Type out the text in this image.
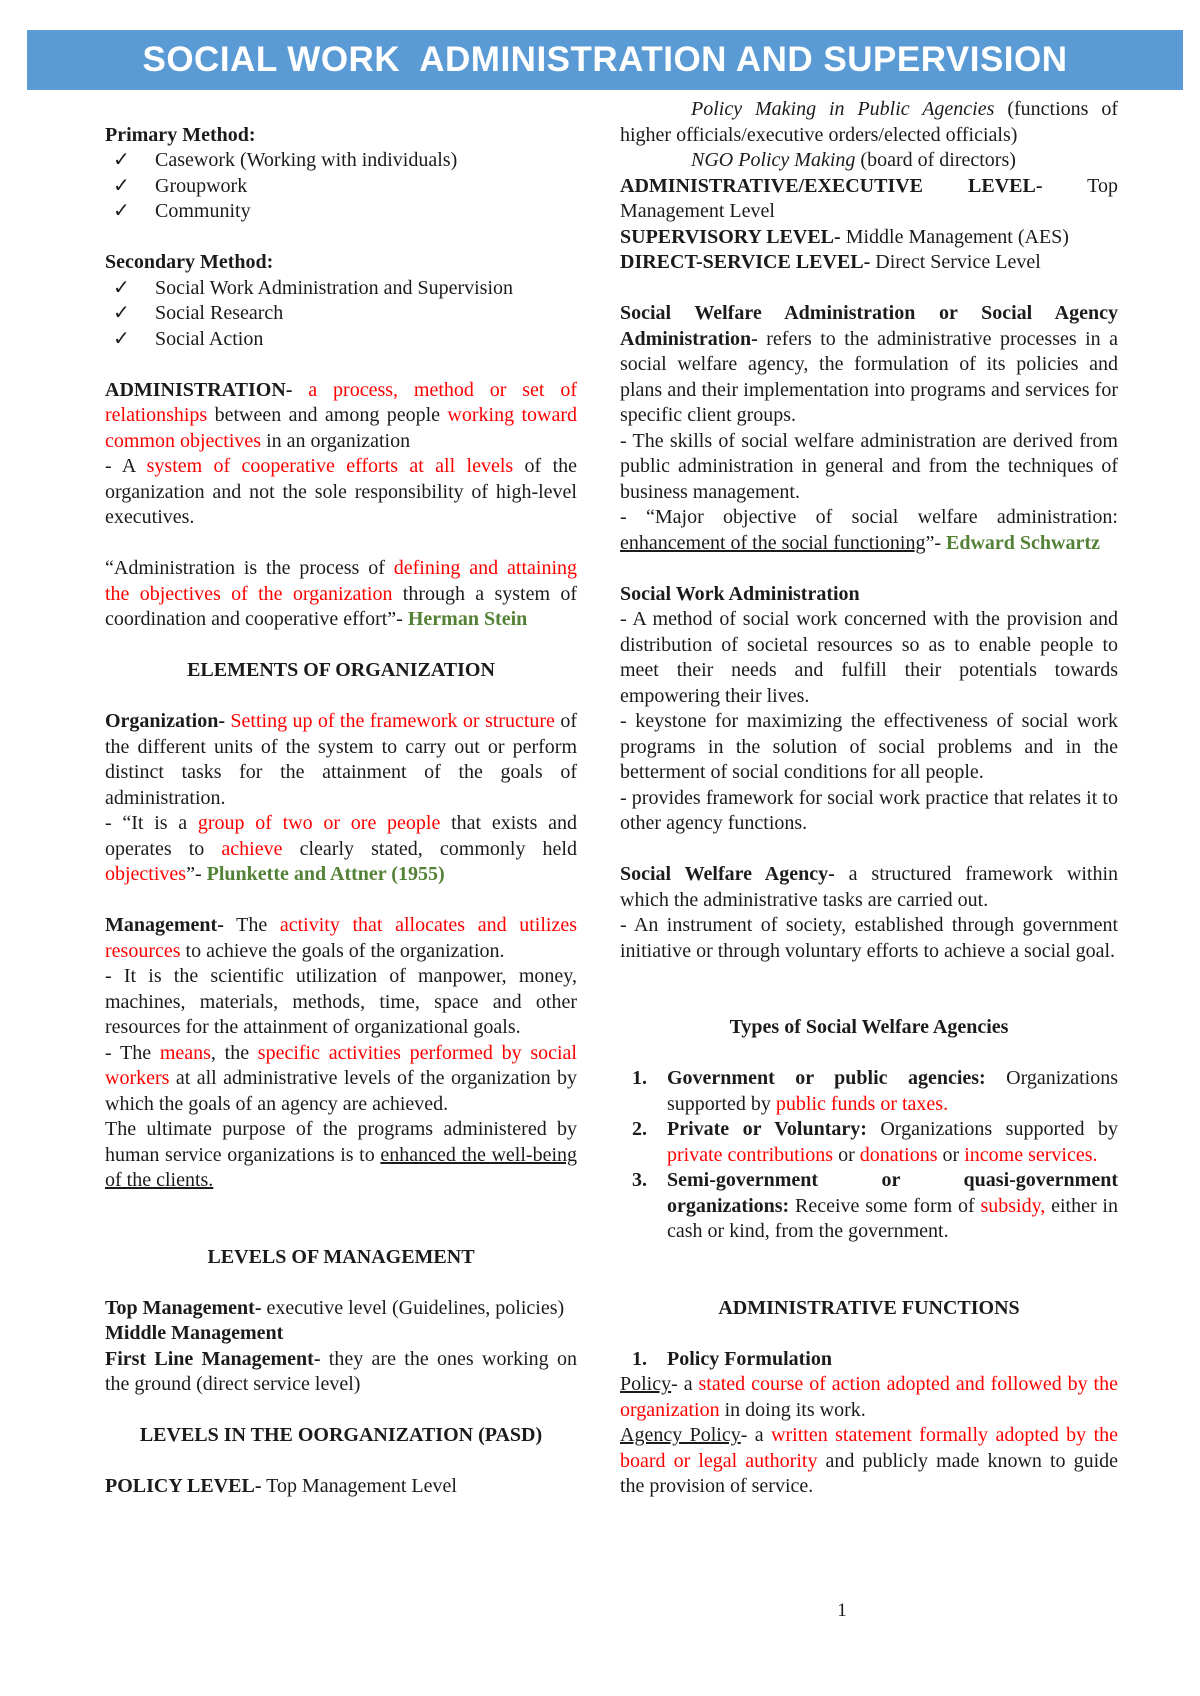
SOCIAL WORK  ADMINISTRATION AND SUPERVISION

Primary Method:

✓ Casework (Working with individuals)
✓ Groupwork
✓ Community

Secondary Method:

✓ Social Work Administration and Supervision
✓ Social Research
✓ Social Action

ADMINISTRATION- a process, method or set of relationships between and among people working toward common objectives in an organization

- A system of cooperative efforts at all levels of the organization and not the sole responsibility of high-level executives.

“Administration is the process of defining and attaining the objectives of the organization through a system of coordination and cooperative effort”- Herman Stein

ELEMENTS OF ORGANIZATION

Organization- Setting up of the framework or structure of the different units of the system to carry out or perform distinct tasks for the attainment of the goals of administration.

- “It is a group of two or ore people that exists and operates to achieve clearly stated, commonly held objectives”- Plunkette and Attner (1955)

Management- The activity that allocates and utilizes resources to achieve the goals of the organization.

- It is the scientific utilization of manpower, money, machines, materials, methods, time, space and other resources for the attainment of organizational goals.

- The means, the specific activities performed by social workers at all administrative levels of the organization by which the goals of an agency are achieved.

The ultimate purpose of the programs administered by human service organizations is to enhanced the well-being of the clients.

LEVELS OF MANAGEMENT

Top Management- executive level (Guidelines, policies)

Middle Management

First Line Management- they are the ones working on the ground (direct service level)

LEVELS IN THE OORGANIZATION (PASD)

POLICY LEVEL- Top Management Level

Policy Making in Public Agencies (functions of higher officials/executive orders/elected officials)

NGO Policy Making (board of directors)

ADMINISTRATIVE/EXECUTIVE LEVEL- Top Management Level

SUPERVISORY LEVEL- Middle Management (AES)

DIRECT-SERVICE LEVEL- Direct Service Level

Social Welfare Administration or Social Agency Administration- refers to the administrative processes in a social welfare agency, the formulation of its policies and plans and their implementation into programs and services for specific client groups.

- The skills of social welfare administration are derived from public administration in general and from the techniques of business management.

- “Major objective of social welfare administration: enhancement of the social functioning”- Edward Schwartz

Social Work Administration

- A method of social work concerned with the provision and distribution of societal resources so as to enable people to meet their needs and fulfill their potentials towards empowering their lives.

- keystone for maximizing the effectiveness of social work programs in the solution of social problems and in the betterment of social conditions for all people.

- provides framework for social work practice that relates it to other agency functions.

Social Welfare Agency- a structured framework within which the administrative tasks are carried out.

- An instrument of society, established through government initiative or through voluntary efforts to achieve a social goal.

Types of Social Welfare Agencies
1. Government or public agencies: Organizations supported by public funds or taxes.
2. Private or Voluntary: Organizations supported by private contributions or donations or income services.
3. Semi-government or quasi-government organizations: Receive some form of subsidy, either in cash or kind, from the government.
ADMINISTRATIVE FUNCTIONS
1. Policy Formulation

Policy- a stated course of action adopted and followed by the organization in doing its work.

Agency Policy- a written statement formally adopted by the board or legal authority and publicly made known to guide the provision of service.

1
